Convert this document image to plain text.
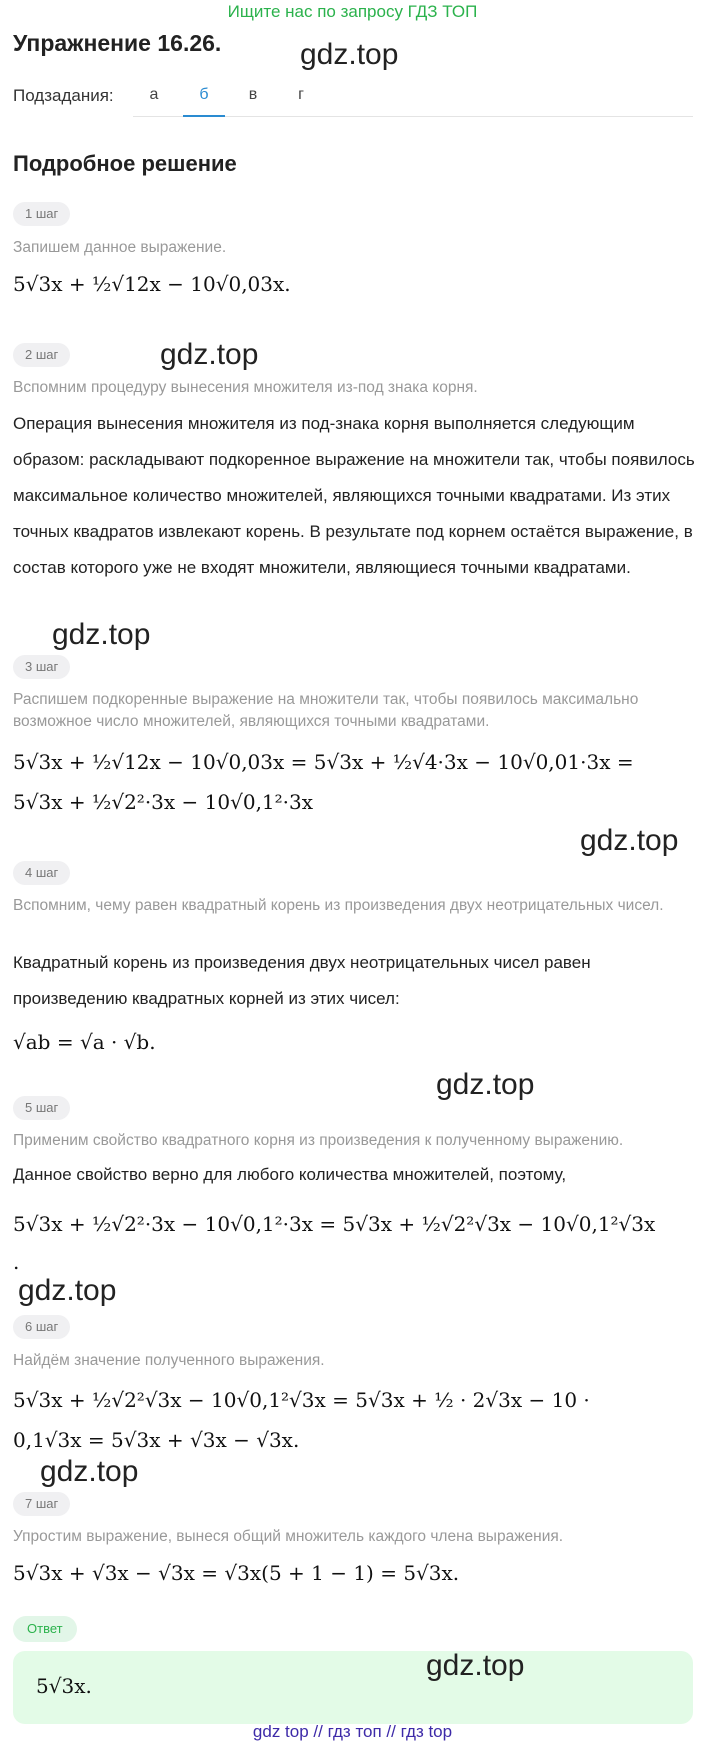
Ищите нас по запросу ГДЗ ТОП
Упражнение 16.26.	gdz.top
Подзадания:	а	б	в	г
Подробное решение
1 шаг
Запишем данное выражение.
5√3x + ½√12x − 10√0,03x.
2 шаг	gdz.top
Вспомним процедуру вынесения множителя из-под знака корня.
Операция вынесения множителя из под-знака корня выполняется следующим образом: раскладывают подкоренное выражение на множители так, чтобы появилось максимальное количество множителей, являющихся точными квадратами. Из этих точных квадратов извлекают корень. В результате под корнем остаётся выражение, в состав которого уже не входят множители, являющиеся точными квадратами.
gdz.top
3 шаг
Распишем подкоренные выражение на множители так, чтобы появилось максимально возможное число множителей, являющихся точными квадратами.
5√3x + ½√12x − 10√0,03x = 5√3x + ½√4·3x − 10√0,01·3x =
5√3x + ½√2²·3x − 10√0,1²·3x
gdz.top
4 шаг
Вспомним, чему равен квадратный корень из произведения двух неотрицательных чисел.
Квадратный корень из произведения двух неотрицательных чисел равен произведению квадратных корней из этих чисел:
√ab = √a · √b.
gdz.top
5 шаг
Применим свойство квадратного корня из произведения к полученному выражению.
Данное свойство верно для любого количества множителей, поэтому,
5√3x + ½√2²·3x − 10√0,1²·3x = 5√3x + ½√2²√3x − 10√0,1²√3x
.
gdz.top
6 шаг
Найдём значение полученного выражения.
5√3x + ½√2²√3x − 10√0,1²√3x = 5√3x + ½ · 2√3x − 10 ·
0,1√3x = 5√3x + √3x − √3x.
gdz.top
7 шаг
Упростим выражение, вынеся общий множитель каждого члена выражения.
5√3x + √3x − √3x = √3x(5 + 1 − 1) = 5√3x.
Ответ
5√3x.
gdz.top
gdz top // гдз топ // гдз top
